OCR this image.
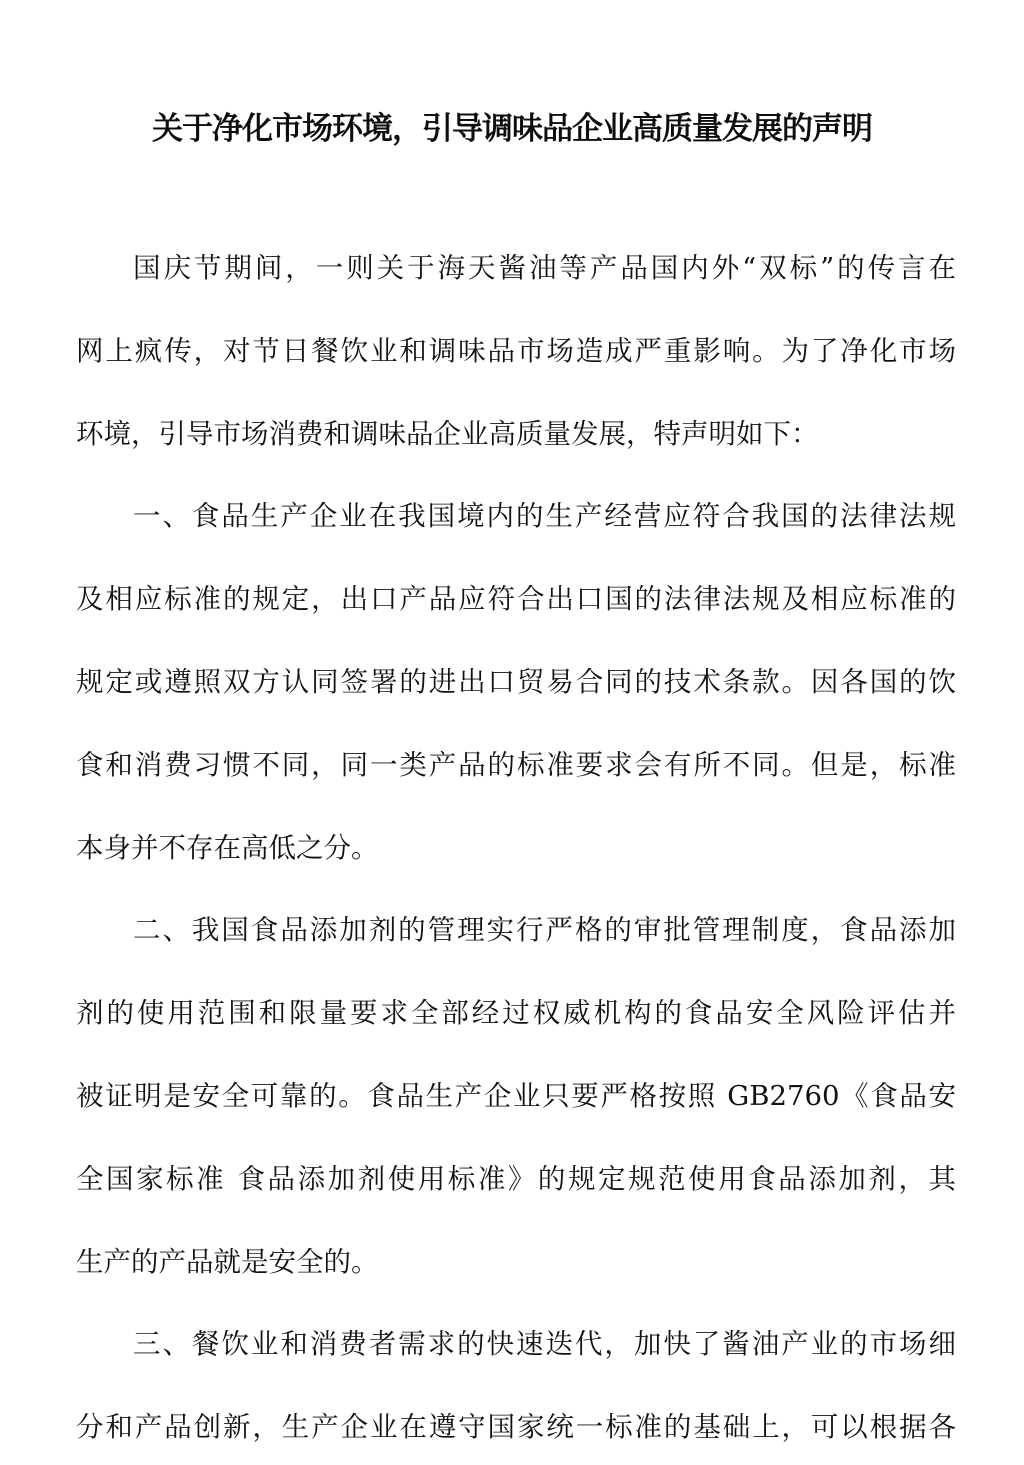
关于净化市场环境，引导调味品企业高质量发展的声明
国庆节期间，一则关于海天酱油等产品国内外“双标”的传言在
网上疯传，对节日餐饮业和调味品市场造成严重影响。为了净化市场
环境，引导市场消费和调味品企业高质量发展，特声明如下：
一、食品生产企业在我国境内的生产经营应符合我国的法律法规
及相应标准的规定，出口产品应符合出口国的法律法规及相应标准的
规定或遵照双方认同签署的进出口贸易合同的技术条款。因各国的饮
食和消费习惯不同，同一类产品的标准要求会有所不同。但是，标准
本身并不存在高低之分。
二、我国食品添加剂的管理实行严格的审批管理制度，食品添加
剂的使用范围和限量要求全部经过权威机构的食品安全风险评估并
被证明是安全可靠的。食品生产企业只要严格按照 GB2760《食品安
全国家标准 食品添加剂使用标准》的规定规范使用食品添加剂，其
生产的产品就是安全的。
三、餐饮业和消费者需求的快速迭代，加快了酱油产业的市场细
分和产品创新，生产企业在遵守国家统一标准的基础上，可以根据各
